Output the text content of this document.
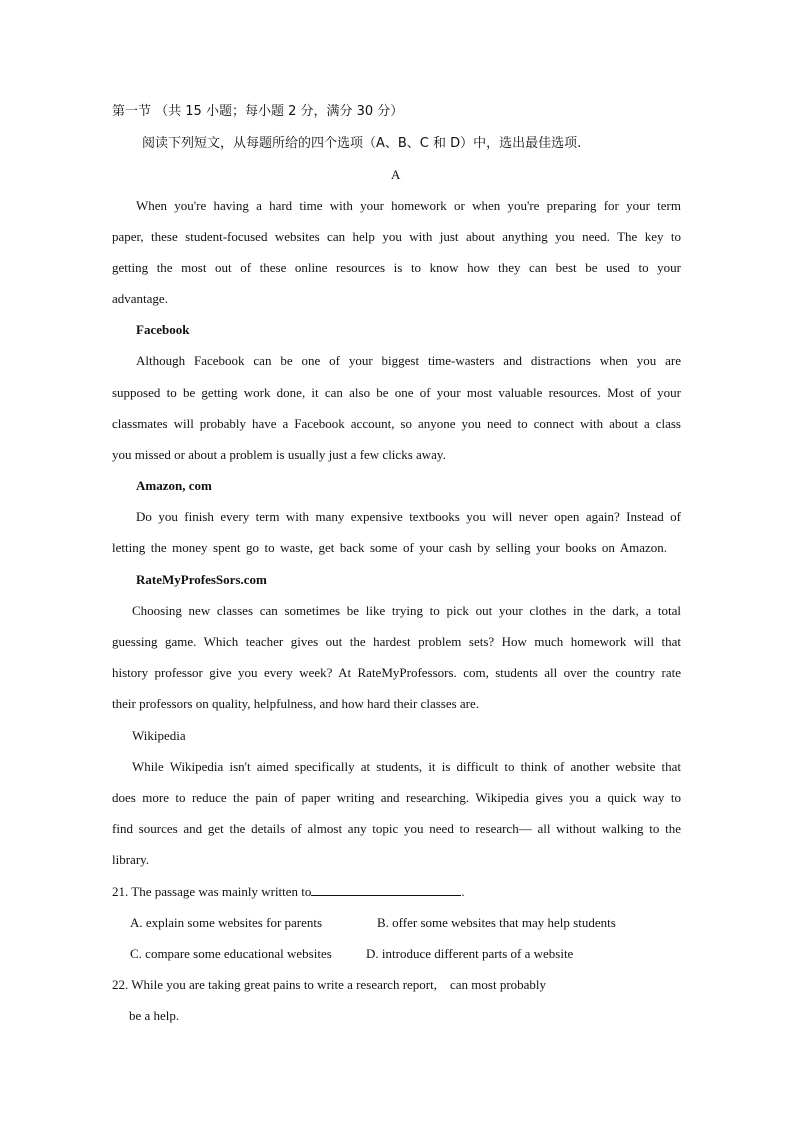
第一节 （共 15 小题；每小题 2 分，满分 30 分）
阅读下列短文，从每题所给的四个选项（A、B、C 和 D）中，选出最佳选项.
A
When you're having a hard time with your homework or when you're preparing for your term
paper, these student-focused websites can help you with just about anything you need. The key to
getting the most out of these online resources is to know how they can best be used to your
advantage.
Facebook
Although Facebook can be one of your biggest time-wasters and distractions when you are
supposed to be getting work done, it can also be one of your most valuable resources. Most of your
classmates will probably have a Facebook account, so anyone you need to connect with about a class
you missed or about a problem is usually just a few clicks away.
Amazon, com
Do you finish every term with many expensive textbooks you will never open again? Instead of
letting the money spent go to waste, get back some of your cash by selling your books on Amazon.
RateMyProfesSors.com
Choosing new classes can sometimes be like trying to pick out your clothes in the dark, a total
guessing game. Which teacher gives out the hardest problem sets? How much homework will that
history professor give you every week? At RateMyProfessors. com, students all over the country rate
their professors on quality, helpfulness, and how hard their classes are.
Wikipedia
While Wikipedia isn't aimed specifically at students, it is difficult to think of another website that
does more to reduce the pain of paper writing and researching. Wikipedia gives you a quick way to
find sources and get the details of almost any topic you need to research— all without walking to the
library.
21. The passage was mainly written to	.
A. explain some websites for parents	B. offer some websites that may help students
C. compare some educational websites	D. introduce different parts of a website
22. While you are taking great pains to write a research report,    can most probably
be a help.
